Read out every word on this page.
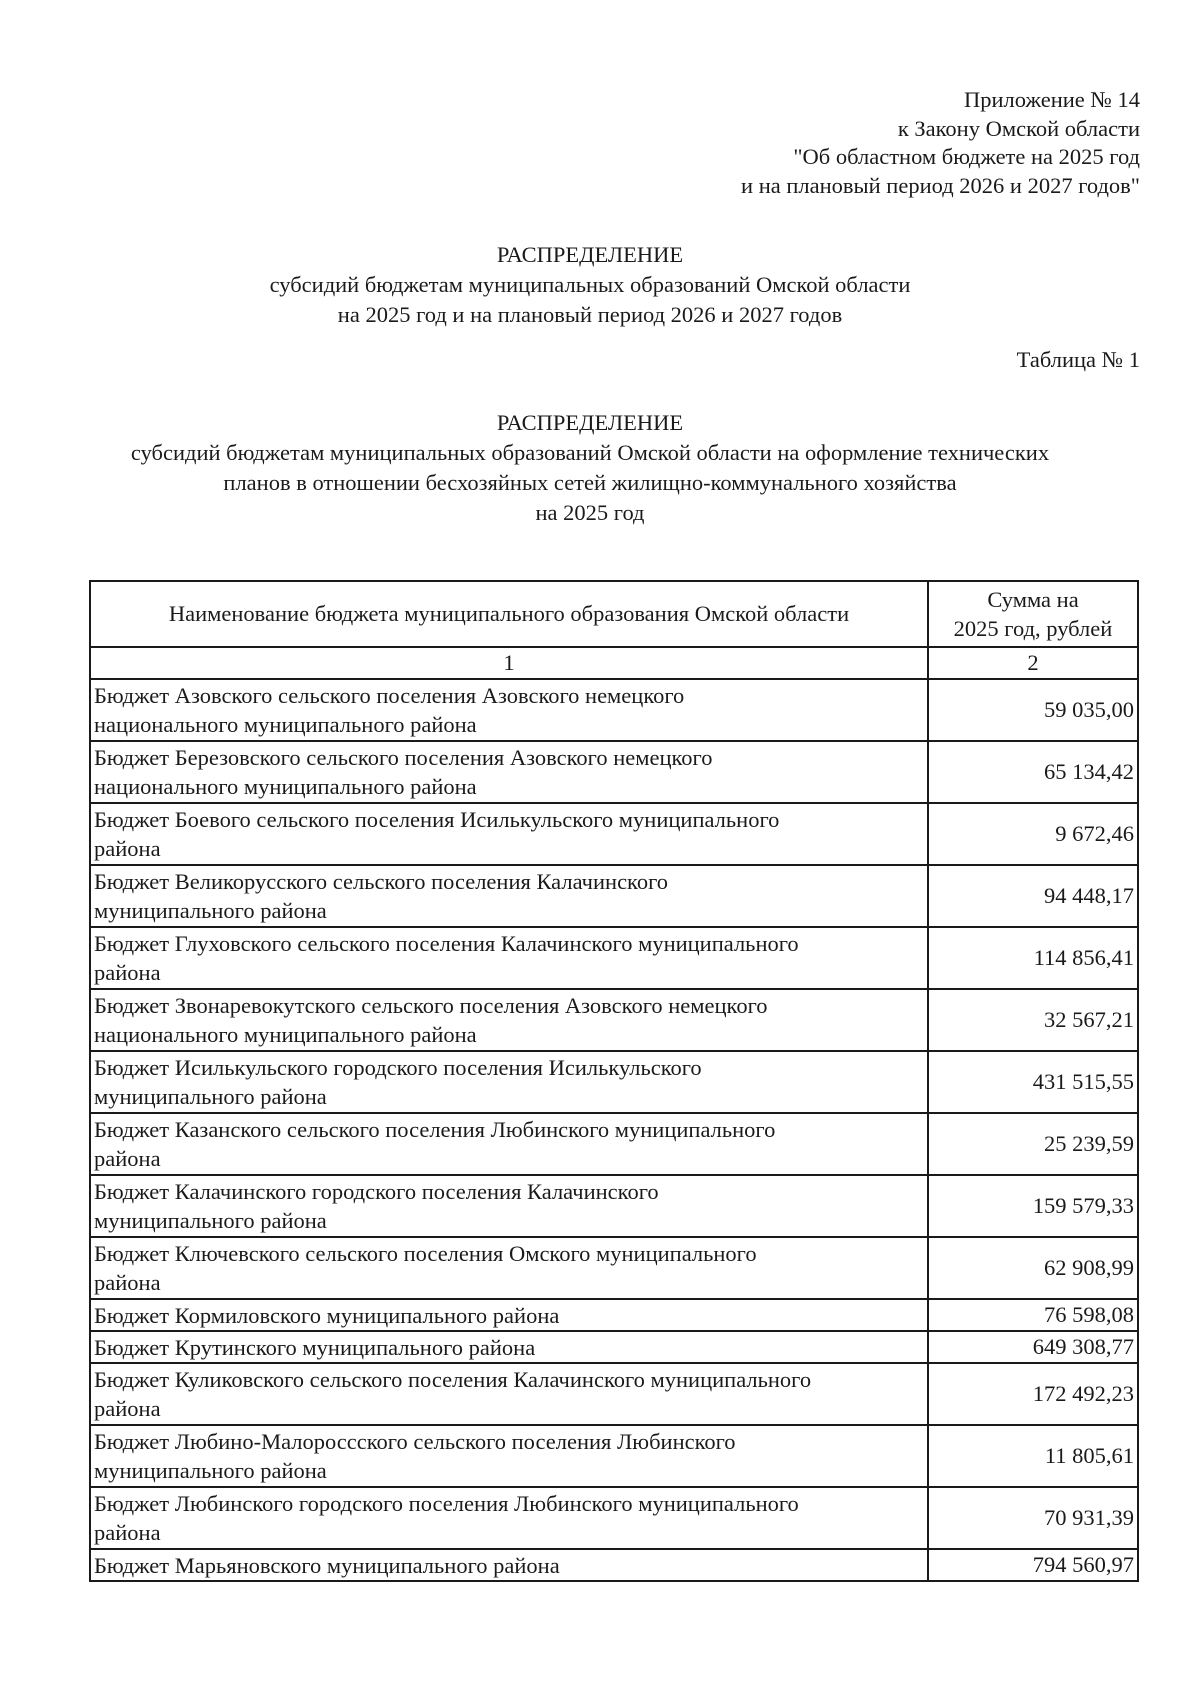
Приложение № 14
к Закону Омской области
"Об областном бюджете на 2025 год
и на плановый период 2026 и 2027 годов"
РАСПРЕДЕЛЕНИЕ
субсидий бюджетам муниципальных образований Омской области
на 2025 год и на плановый период 2026 и 2027 годов
Таблица № 1
РАСПРЕДЕЛЕНИЕ
субсидий бюджетам муниципальных образований Омской области на оформление технических
планов в отношении бесхозяйных сетей жилищно-коммунального хозяйства
на 2025 год
Наименование бюджета муниципального образования Омской области	Сумма на
2025 год, рублей

1	2

Бюджет Азовского сельского поселения Азовского немецкого
национального муниципального района	59 035,00

Бюджет Березовского сельского поселения Азовского немецкого
национального муниципального района	65 134,42

Бюджет Боевого сельского поселения Исилькульского муниципального
района	9 672,46

Бюджет Великорусского сельского поселения Калачинского
муниципального района	94 448,17

Бюджет Глуховского сельского поселения Калачинского муниципального
района	114 856,41

Бюджет Звонаревокутского сельского поселения Азовского немецкого
национального муниципального района	32 567,21

Бюджет Исилькульского городского поселения Исилькульского
муниципального района	431 515,55

Бюджет Казанского сельского поселения Любинского муниципального
района	25 239,59

Бюджет Калачинского городского поселения Калачинского
муниципального района	159 579,33

Бюджет Ключевского сельского поселения Омского муниципального
района	62 908,99

Бюджет Кормиловского муниципального района	76 598,08

Бюджет Крутинского муниципального района	649 308,77

Бюджет Куликовского сельского поселения Калачинского муниципального
района	172 492,23

Бюджет Любино-Малороссского сельского поселения Любинского
муниципального района	11 805,61

Бюджет Любинского городского поселения Любинского муниципального
района	70 931,39

Бюджет Марьяновского муниципального района	794 560,97
